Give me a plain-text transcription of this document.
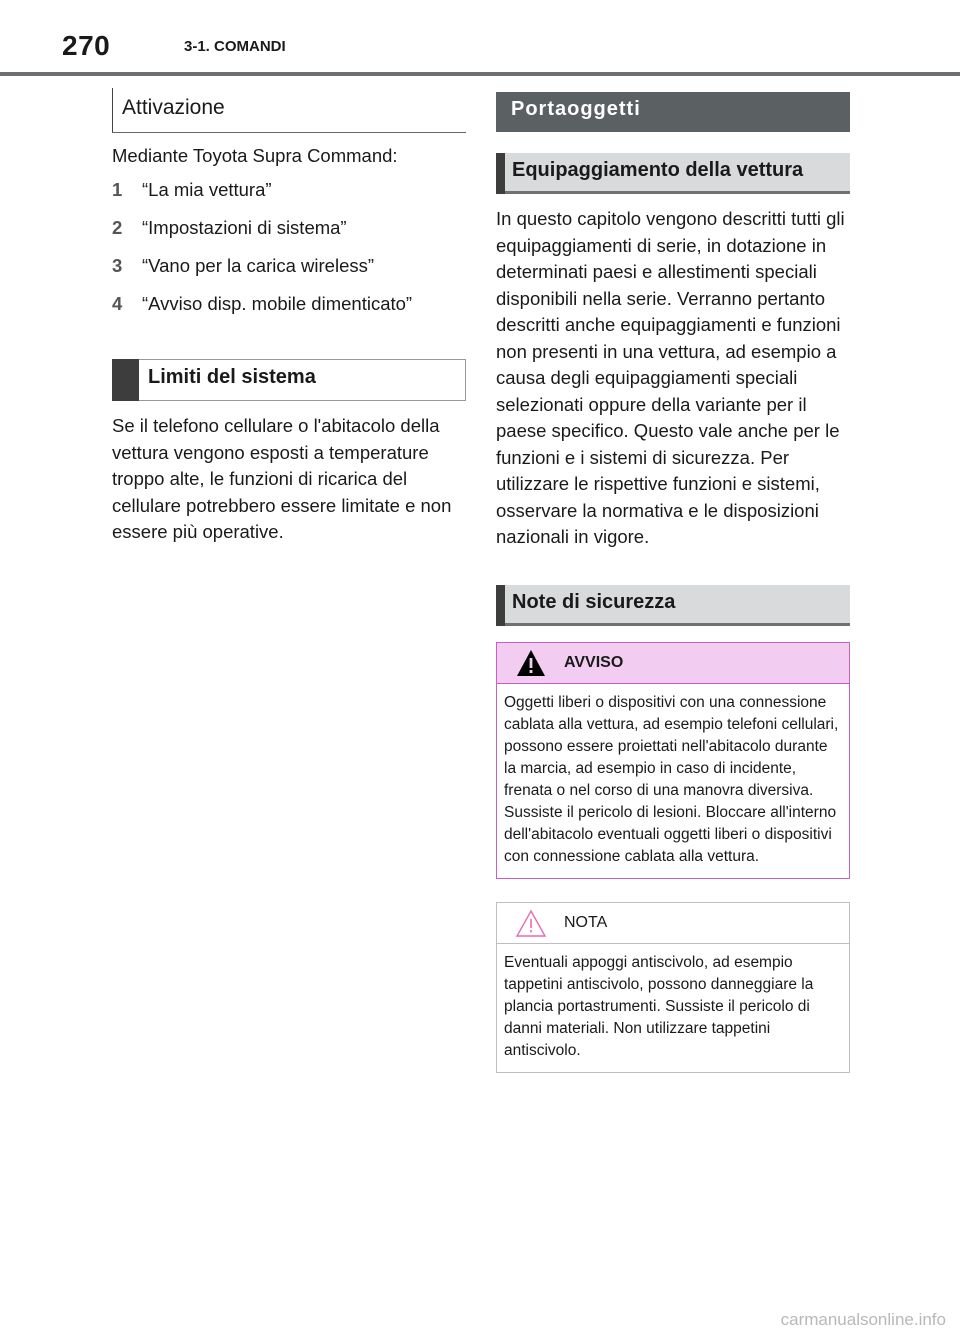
270	3-1. COMANDI
Attivazione
Mediante Toyota Supra Command:
1 “La mia vettura”
2 “Impostazioni di sistema”
3 “Vano per la carica wireless”
4 “Avviso disp. mobile dimenticato”
Limiti del sistema
Se il telefono cellulare o l'abitacolo della vettura vengono esposti a temperature troppo alte, le funzioni di ricarica del cellulare potrebbero essere limitate e non essere più operative.
Portaoggetti
Equipaggiamento della vettura
In questo capitolo vengono descritti tutti gli equipaggiamenti di serie, in dotazione in determinati paesi e allestimenti speciali disponibili nella serie. Verranno pertanto descritti anche equipaggiamenti e funzioni non presenti in una vettura, ad esempio a causa degli equipaggiamenti speciali selezionati oppure della variante per il paese specifico. Questo vale anche per le funzioni e i sistemi di sicurezza. Per utilizzare le rispettive funzioni e sistemi, osservare la normativa e le disposizioni nazionali in vigore.
Note di sicurezza
AVVISO
Oggetti liberi o dispositivi con una connessione cablata alla vettura, ad esempio telefoni cellulari, possono essere proiettati nell'abitacolo durante la marcia, ad esempio in caso di incidente, frenata o nel corso di una manovra diversiva. Sussiste il pericolo di lesioni. Bloccare all'interno dell'abitacolo eventuali oggetti liberi o dispositivi con connessione cablata alla vettura.
NOTA
Eventuali appoggi antiscivolo, ad esempio tappetini antiscivolo, possono danneggiare la plancia portastrumenti. Sussiste il pericolo di danni materiali. Non utilizzare tappetini antiscivolo.
carmanualsonline.info
